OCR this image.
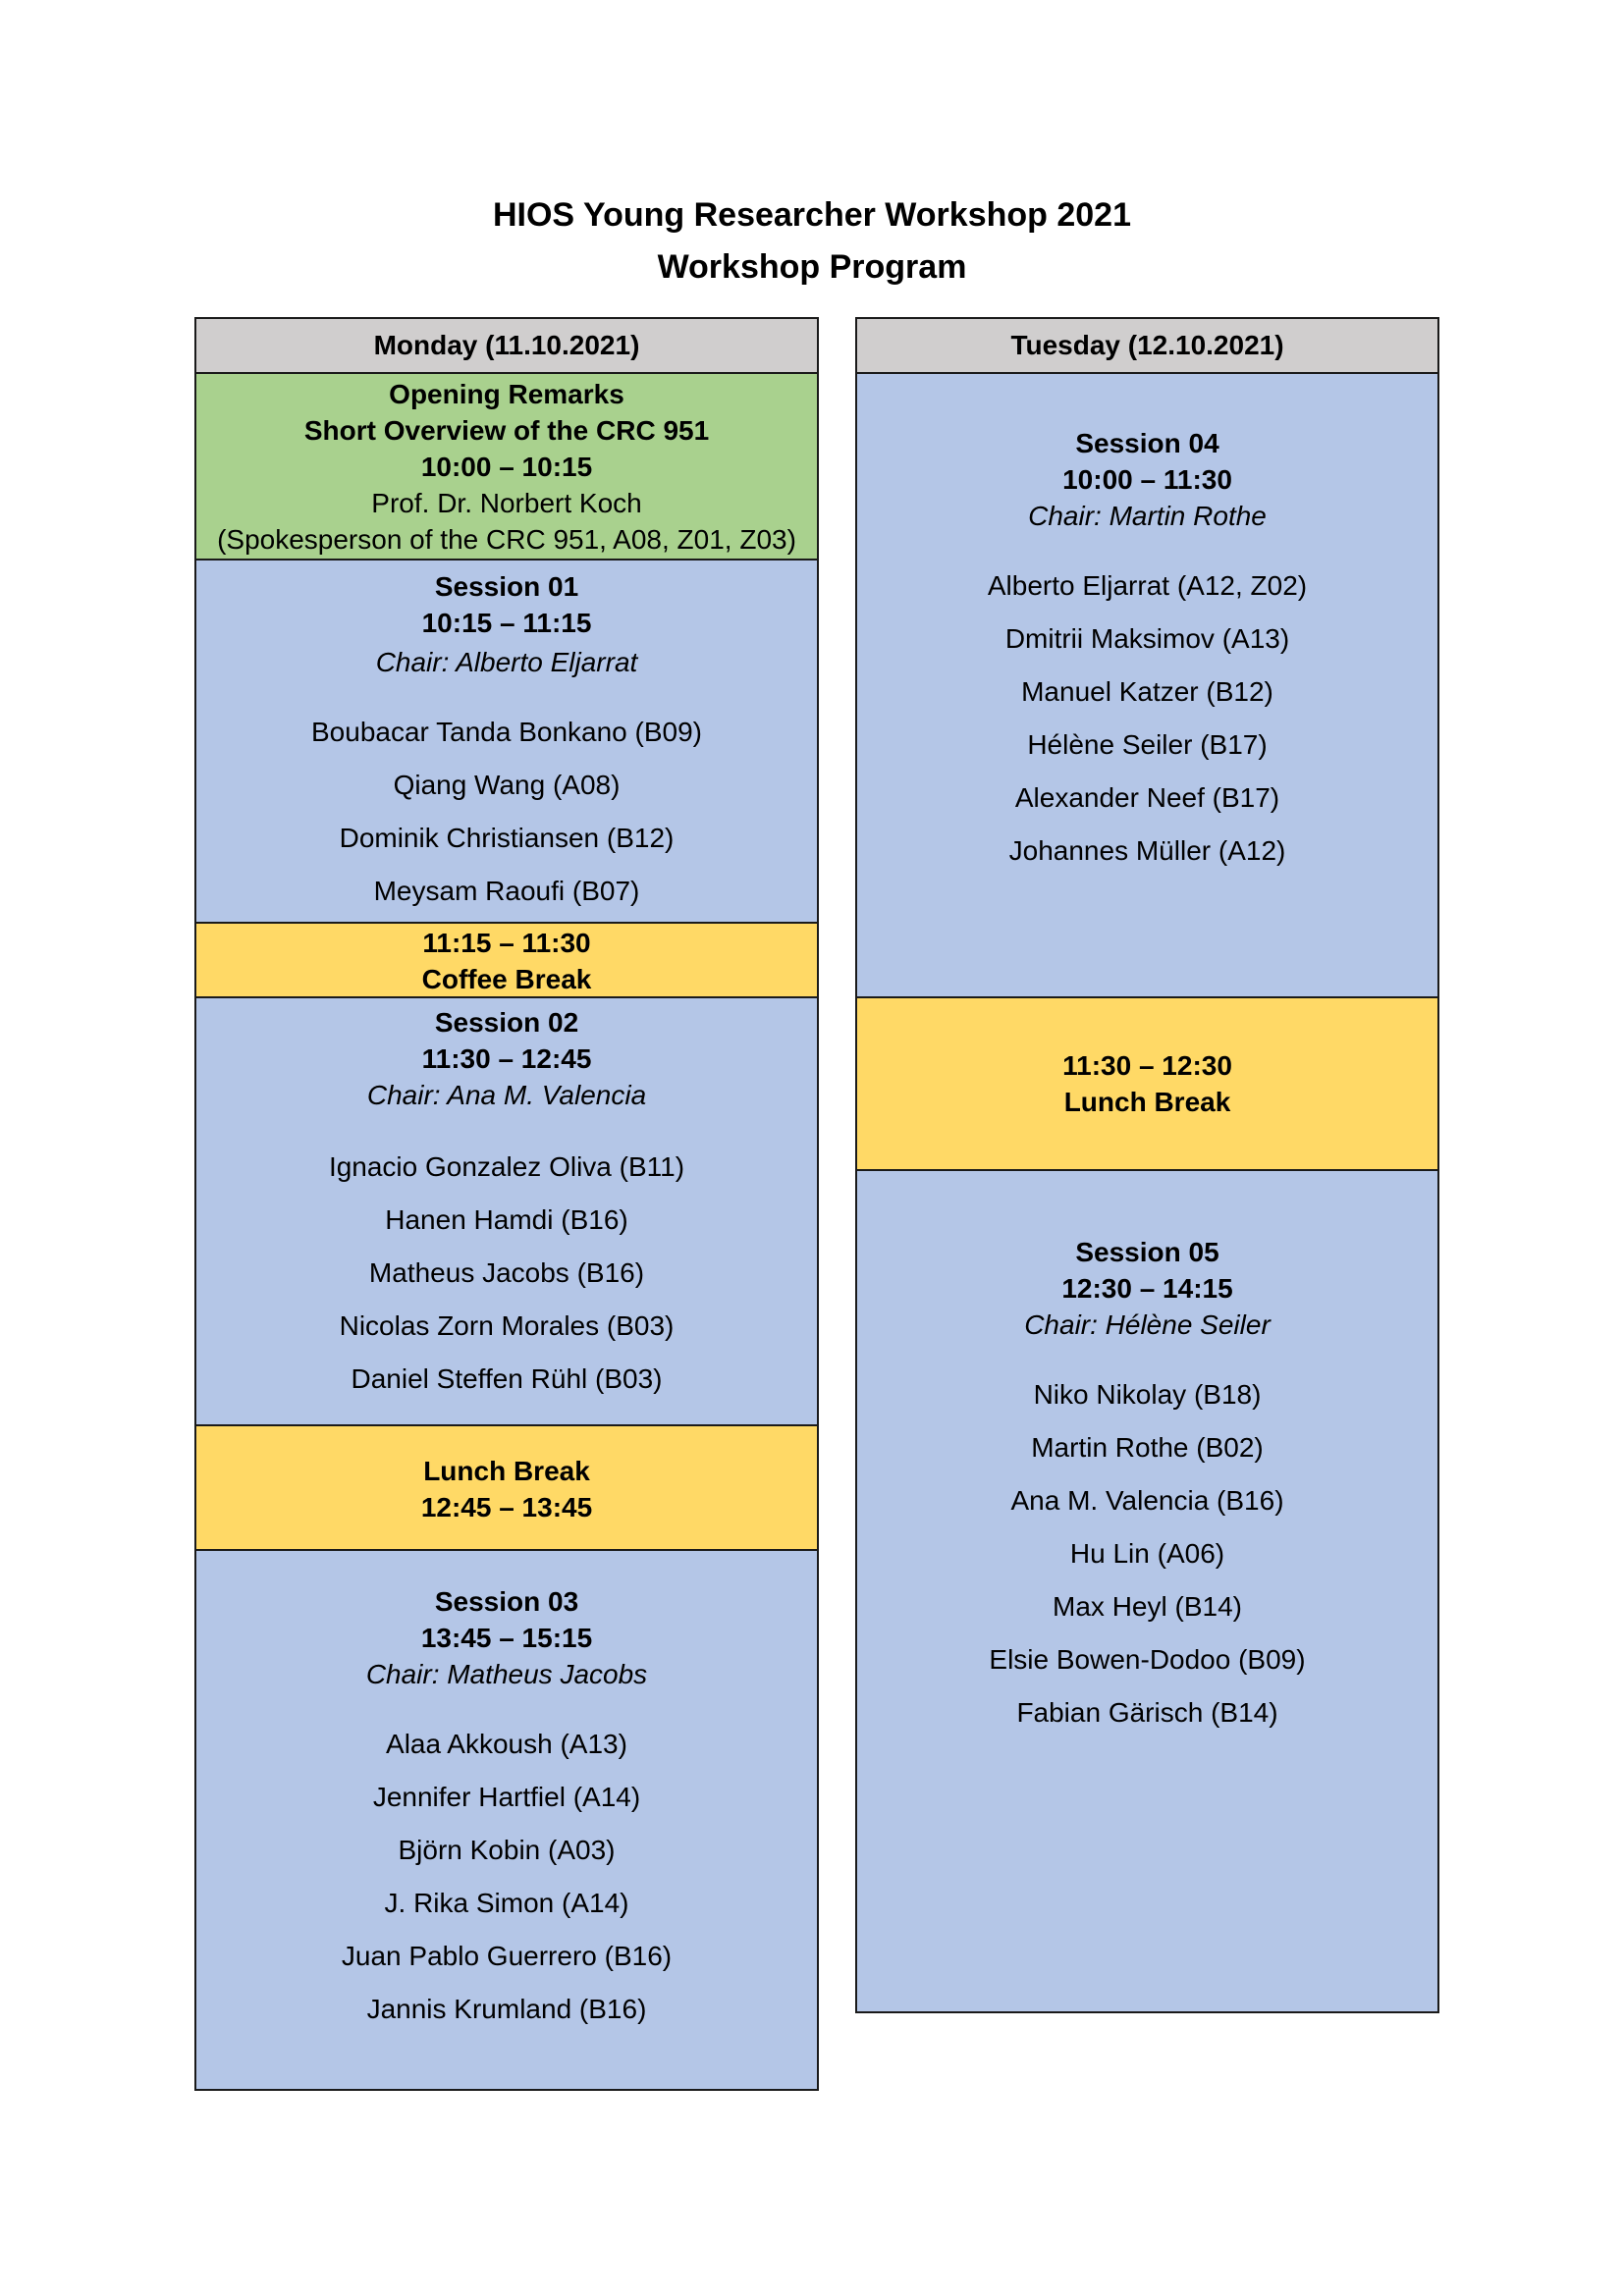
HIOS Young Researcher Workshop 2021
Workshop Program
Monday (11.10.2021)
Opening Remarks
Short Overview of the CRC 951
10:00 – 10:15
Prof. Dr. Norbert Koch
(Spokesperson of the CRC 951, A08, Z01, Z03)
Session 01
10:15 – 11:15
Chair: Alberto Eljarrat
Boubacar Tanda Bonkano (B09)
Qiang Wang (A08)
Dominik Christiansen (B12)
Meysam Raoufi (B07)
11:15 – 11:30
Coffee Break
Session 02
11:30 – 12:45
Chair: Ana M. Valencia
Ignacio Gonzalez Oliva (B11)
Hanen Hamdi (B16)
Matheus Jacobs (B16)
Nicolas Zorn Morales (B03)
Daniel Steffen Rühl (B03)
Lunch Break
12:45 – 13:45
Session 03
13:45 – 15:15
Chair: Matheus Jacobs
Alaa Akkoush (A13)
Jennifer Hartfiel (A14)
Björn Kobin (A03)
J. Rika Simon (A14)
Juan Pablo Guerrero (B16)
Jannis Krumland (B16)
Tuesday (12.10.2021)
Session 04
10:00 – 11:30
Chair: Martin Rothe
Alberto Eljarrat (A12, Z02)
Dmitrii Maksimov (A13)
Manuel Katzer (B12)
Hélène Seiler (B17)
Alexander Neef (B17)
Johannes Müller (A12)
11:30 – 12:30
Lunch Break
Session 05
12:30 – 14:15
Chair: Hélène Seiler
Niko Nikolay (B18)
Martin Rothe (B02)
Ana M. Valencia (B16)
Hu Lin (A06)
Max Heyl (B14)
Elsie Bowen-Dodoo (B09)
Fabian Gärisch (B14)
